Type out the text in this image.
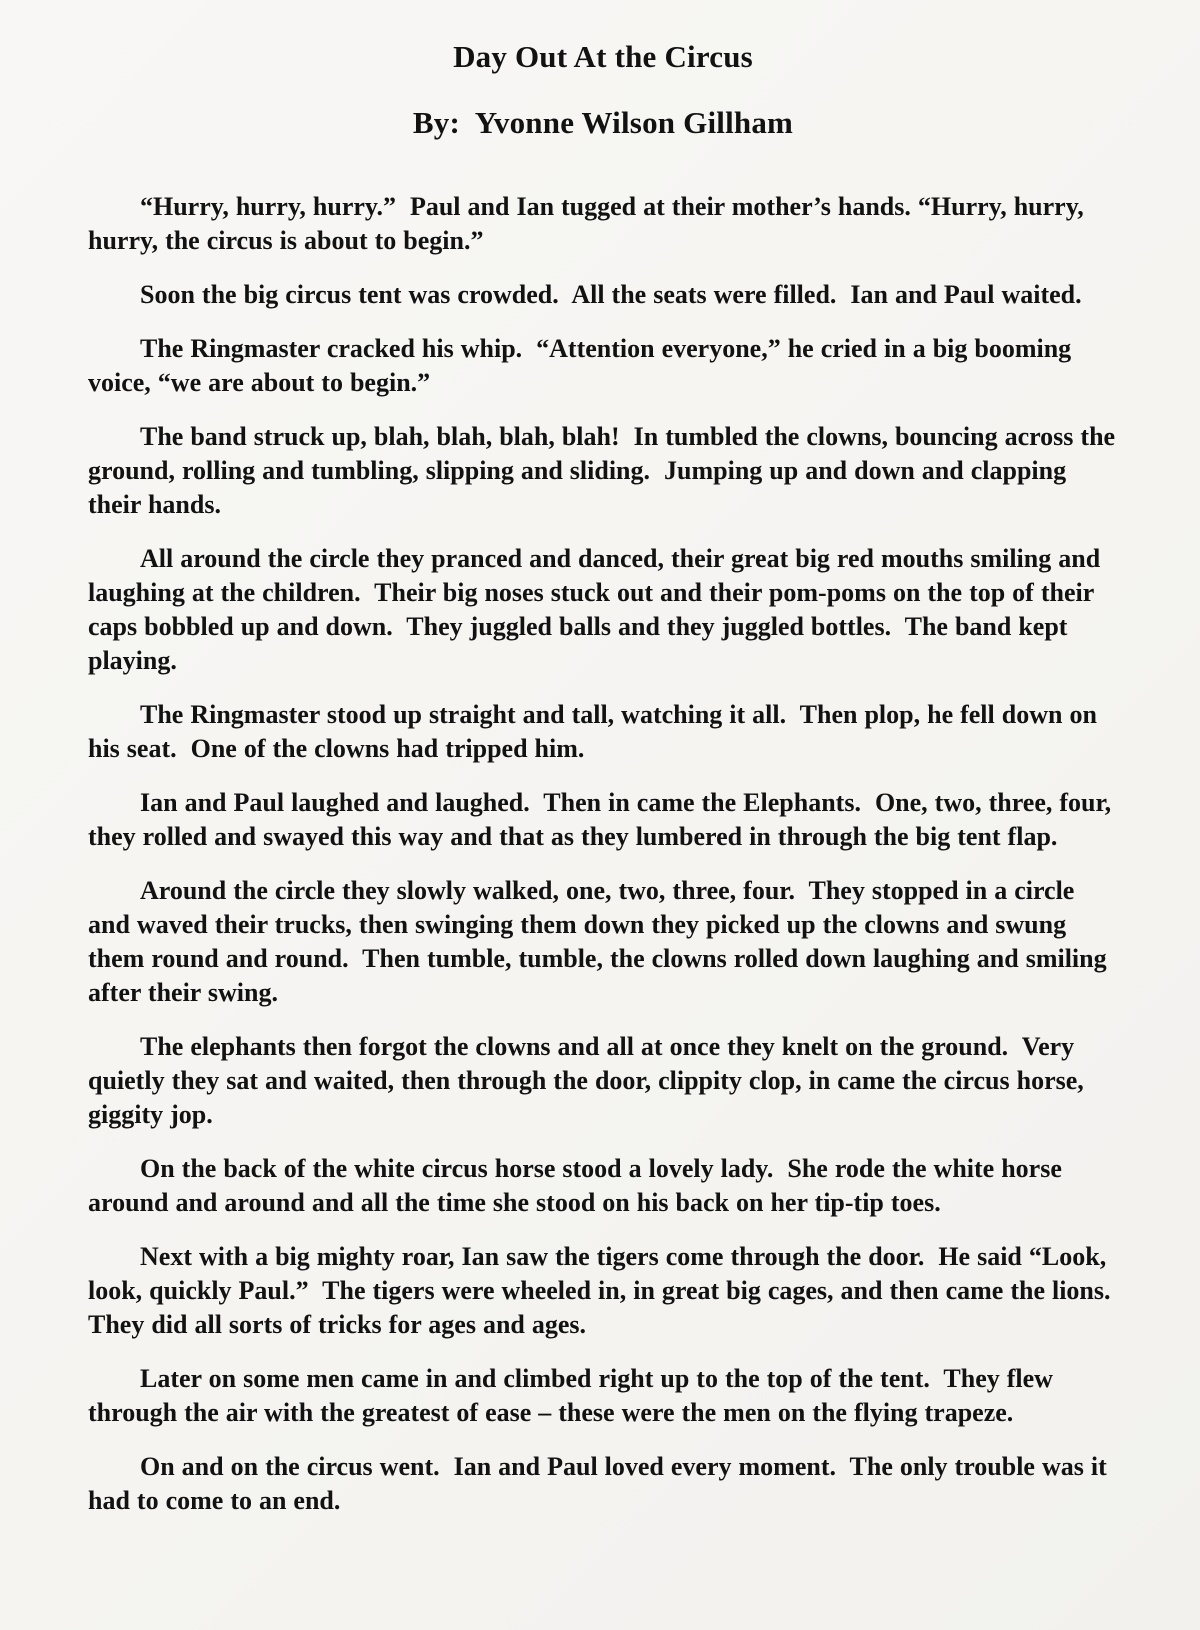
Day Out At the Circus
By:  Yvonne Wilson Gillham

“Hurry, hurry, hurry.”  Paul and Ian tugged at their mother’s hands. “Hurry, hurry, hurry, the circus is about to begin.”

Soon the big circus tent was crowded.  All the seats were filled.  Ian and Paul waited.

The Ringmaster cracked his whip.  “Attention everyone,” he cried in a big booming voice, “we are about to begin.”

The band struck up, blah, blah, blah, blah!  In tumbled the clowns, bouncing across the ground, rolling and tumbling, slipping and sliding.  Jumping up and down and clapping their hands.

All around the circle they pranced and danced, their great big red mouths smiling and laughing at the children.  Their big noses stuck out and their pom-poms on the top of their caps bobbled up and down.  They juggled balls and they juggled bottles.  The band kept playing.

The Ringmaster stood up straight and tall, watching it all.  Then plop, he fell down on his seat.  One of the clowns had tripped him.

Ian and Paul laughed and laughed.  Then in came the Elephants.  One, two, three, four, they rolled and swayed this way and that as they lumbered in through the big tent flap.

Around the circle they slowly walked, one, two, three, four.  They stopped in a circle and waved their trucks, then swinging them down they picked up the clowns and swung them round and round.  Then tumble, tumble, the clowns rolled down laughing and smiling after their swing.

The elephants then forgot the clowns and all at once they knelt on the ground.  Very quietly they sat and waited, then through the door, clippity clop, in came the circus horse, giggity jop.

On the back of the white circus horse stood a lovely lady.  She rode the white horse around and around and all the time she stood on his back on her tip-tip toes.

Next with a big mighty roar, Ian saw the tigers come through the door.  He said “Look, look, quickly Paul.”  The tigers were wheeled in, in great big cages, and then came the lions.  They did all sorts of tricks for ages and ages.

Later on some men came in and climbed right up to the top of the tent.  They flew through the air with the greatest of ease – these were the men on the flying trapeze.

On and on the circus went.  Ian and Paul loved every moment.  The only trouble was it had to come to an end.
